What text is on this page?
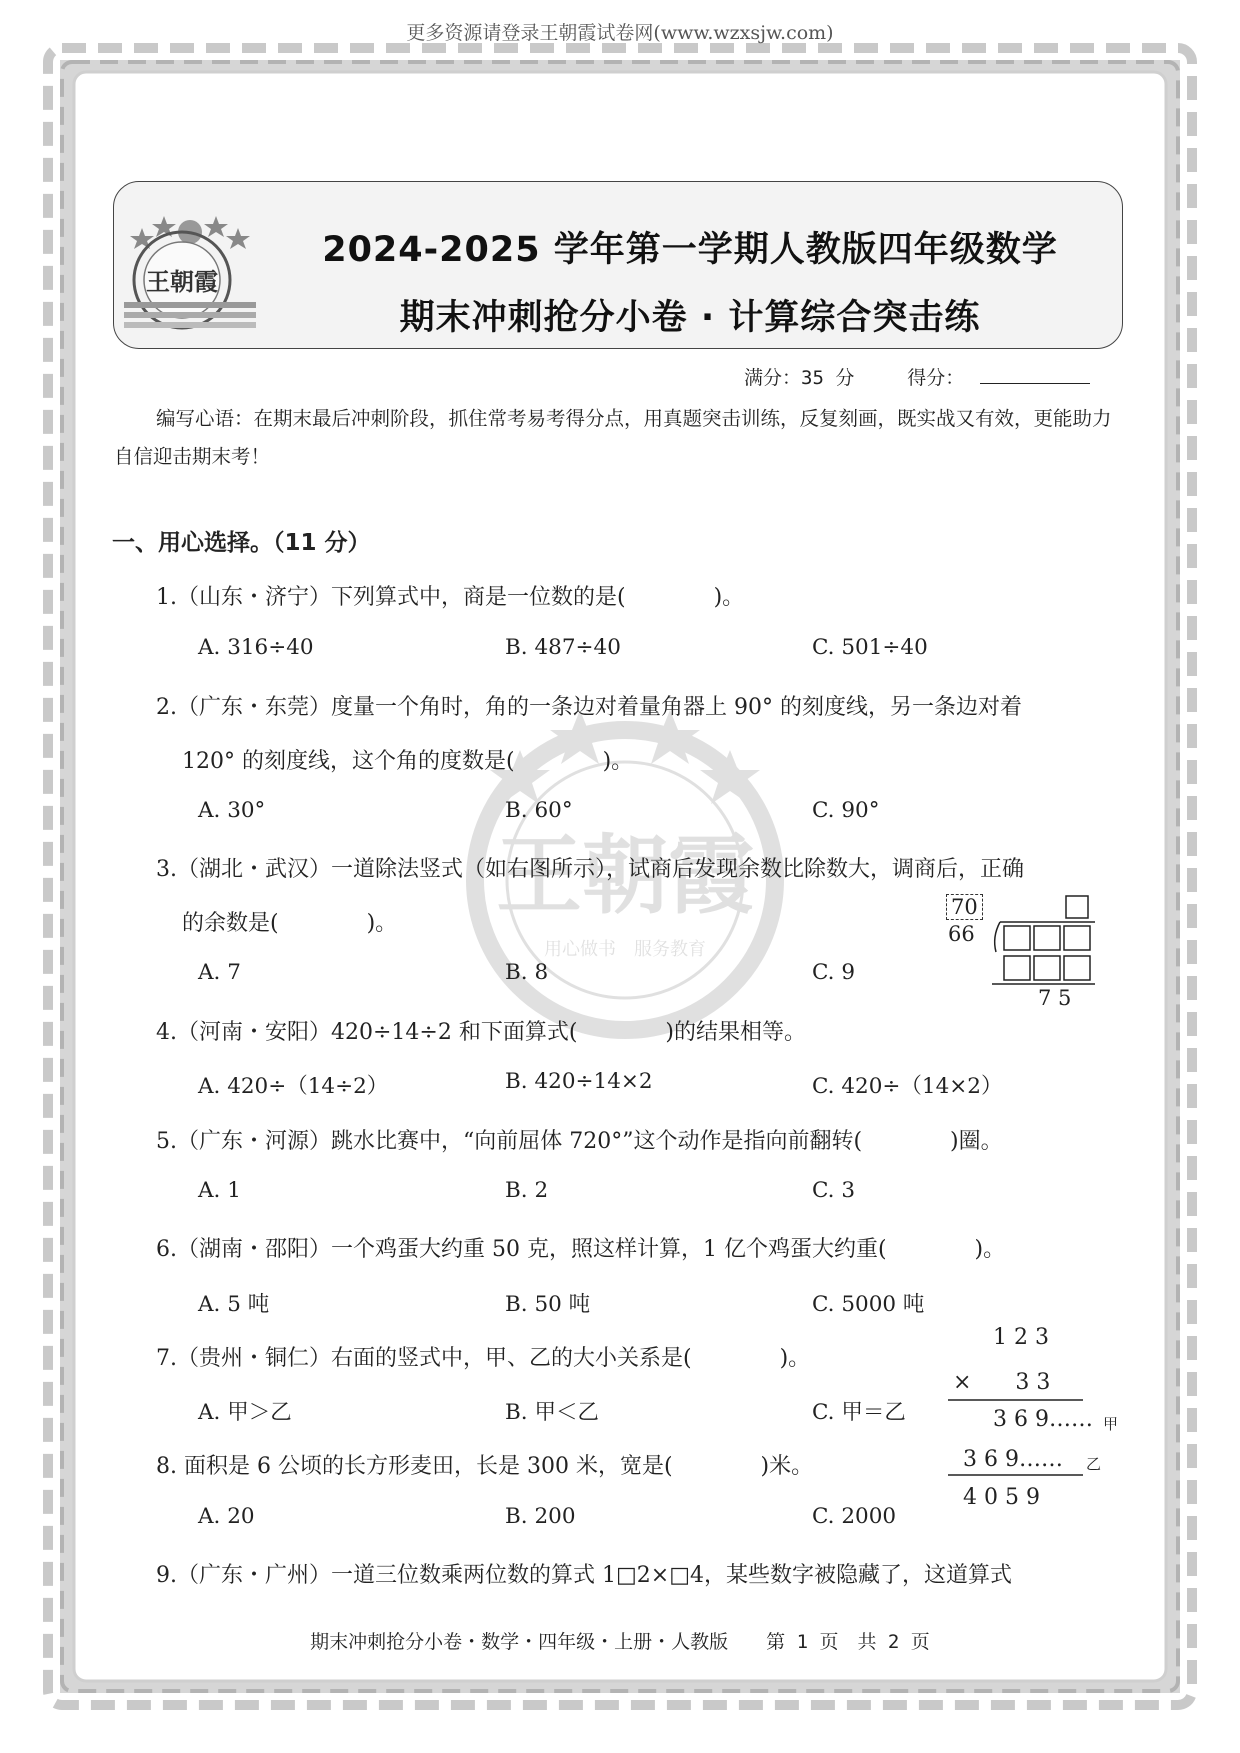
更多资源请登录王朝霞试卷网(www.wzxsjw.com)
王朝霞
2024-2025 学年第一学期人教版四年级数学
期末冲刺抢分小卷 · 计算综合突击练
满分：35 分	得分：
编写心语：在期末最后冲刺阶段，抓住常考易考得分点，用真题突击训练，反复刻画，既实战又有效，更能助力自信迎击期末考！
一、用心选择。（11 分）
1.（山东・济宁）下列算式中，商是一位数的是(　　　　)。
A. 316÷40	B. 487÷40	C. 501÷40
2.（广东・东莞）度量一个角时，角的一条边对着量角器上 90° 的刻度线，另一条边对着
120° 的刻度线，这个角的度数是(　　　　)。
A. 30°	B. 60°	C. 90°
3.（湖北・武汉）一道除法竖式（如右图所示），试商后发现余数比除数大，调商后，正确
的余数是(　　　　)。
A. 7	B. 8	C. 9
70
66
7 5
4.（河南・安阳）420÷14÷2 和下面算式(　　　　)的结果相等。
A. 420÷（14÷2）	B. 420÷14×2	C. 420÷（14×2）
5.（广东・河源）跳水比赛中，“向前屈体 720°”这个动作是指向前翻转(　　　　)圈。
A. 1	B. 2	C. 3
6.（湖南・邵阳）一个鸡蛋大约重 50 克，照这样计算，1 亿个鸡蛋大约重(　　　　)。
A. 5 吨	B. 50 吨	C. 5000 吨
7.（贵州・铜仁）右面的竖式中，甲、乙的大小关系是(　　　　)。
A. 甲＞乙	B. 甲＜乙	C. 甲＝乙
1 2 3
×　　3 3
3 6 9…… 甲
3 6 9…… 乙
4 0 5 9
8. 面积是 6 公顷的长方形麦田，长是 300 米，宽是(　　　　)米。
A. 20	B. 200	C. 2000
9.（广东・广州）一道三位数乘两位数的算式 1□2×□4，某些数字被隐藏了，这道算式
期末冲刺抢分小卷・数学・四年级・上册・人教版　　第 1 页　共 2 页
